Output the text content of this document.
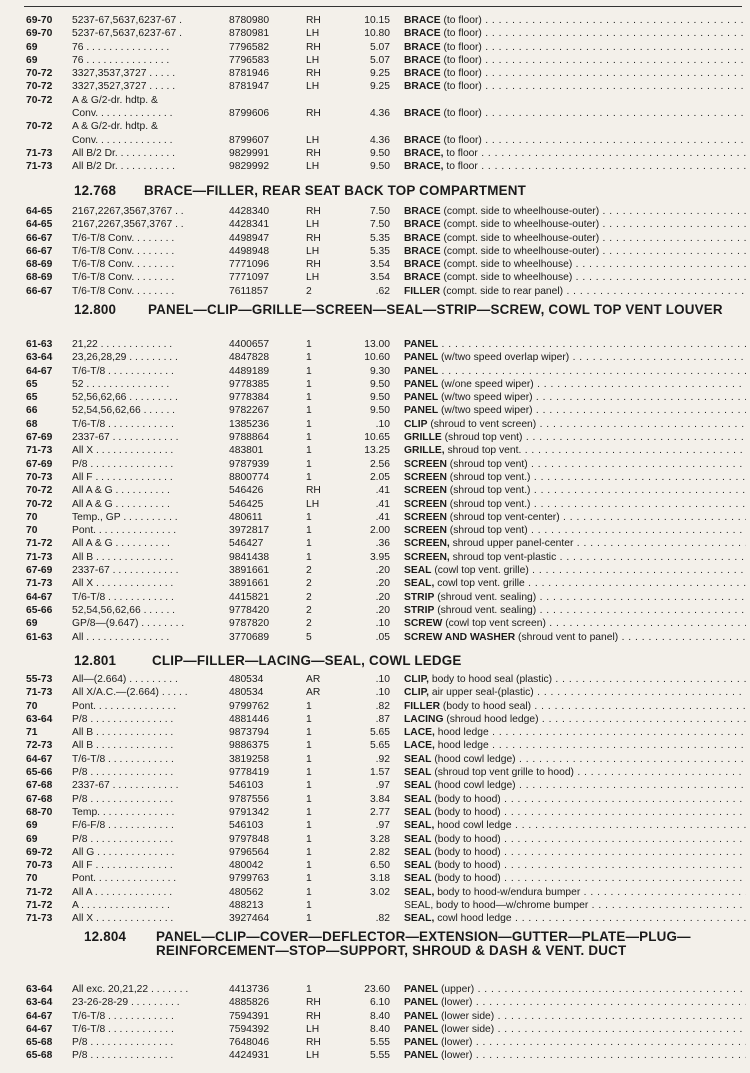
69-70 5237-67,5637,6237-67 .	8780980	RH	10.15 BRACE (to floor) . . .
69-70 5237-67,5637,6237-67 .	8780981	LH	10.80 BRACE (to floor) . . .
69	76 . . . . . . . . . . . . . . .	7796582	RH	5.07 BRACE (to floor) . . .
69	76 . . . . . . . . . . . . . . .	7796583	LH	5.07 BRACE (to floor) . . .
70-72 3327,3537,3727 . . . . .	8781946	RH	9.25 BRACE (to floor) . . .
70-72 3327,3527,3727 . . . . .	8781947	LH	9.25 BRACE (to floor) . . .
70-72 A & G/2-dr. hdtp. &
Conv. . . . . . . . . . . . . .	8799606	RH	4.36 BRACE (to floor) . . .
70-72 A & G/2-dr. hdtp. &
Conv. . . . . . . . . . . . . .	8799607	LH	4.36 BRACE (to floor) . . .
71-73 All B/2 Dr. . . . . . . . . . .	9829991	RH	9.50 BRACE, to floor . . .
71-73 All B/2 Dr. . . . . . . . . . .	9829992	LH	9.50 BRACE, to floor . . .
12.768 BRACE—FILLER, REAR SEAT BACK TOP COMPARTMENT
64-65 2167,2267,3567,3767 . .	4428340	RH	7.50 BRACE (compt. side to wheelhouse-outer) . . .
64-65 2167,2267,3567,3767 . .	4428341	LH	7.50 BRACE (compt. side to wheelhouse-outer) . . .
66-67 T/6-T/8 Conv. . . . . . . .	4498947	RH	5.35 BRACE (compt. side to wheelhouse-outer) . . .
66-67 T/6-T/8 Conv. . . . . . . .	4498948	LH	5.35 BRACE (compt. side to wheelhouse-outer) . . .
68-69 T/6-T/8 Conv. . . . . . . .	7771096	RH	3.54 BRACE (compt. side to wheelhouse) . . .
68-69 T/6-T/8 Conv. . . . . . . .	7771097	LH	3.54 BRACE (compt. side to wheelhouse) . . .
66-67 T/6-T/8 Conv. . . . . . . .	7611857	2	.62 FILLER (compt. side to rear panel) . . .
12.800 PANEL—CLIP—GRILLE—SCREEN—SEAL—STRIP—SCREW, COWL TOP VENT LOUVER
61-63 21,22 . . . . . . . . . . . . .	4400657	1	13.00 PANEL . . .
63-64 23,26,28,29 . . . . . . . . .	4847828	1	10.60 PANEL (w/two speed overlap wiper) . . .
64-67 T/6-T/8 . . . . . . . . . . . .	4489189	1	9.30 PANEL . . .
65	52 . . . . . . . . . . . . . . .	9778385	1	9.50 PANEL (w/one speed wiper) . . .
65	52,56,62,66 . . . . . . . . .	9778384	1	9.50 PANEL (w/two speed wiper) . . .
66	52,54,56,62,66 . . . . . .	9782267	1	9.50 PANEL (w/two speed wiper) . . .
68	T/6-T/8 . . . . . . . . . . . .	1385236	1	.10 CLIP (shroud to vent screen) . . .
67-69 2337-67 . . . . . . . . . . . .	9788864	1	10.65 GRILLE (shroud top vent) . . .
71-73 All X . . . . . . . . . . . . . .	483801	1	13.25 GRILLE, shroud top vent. . . .
67-69 P/8 . . . . . . . . . . . . . . .	9787939	1	2.56 SCREEN (shroud top vent) . . .
70-73 All F . . . . . . . . . . . . . .	8800774	1	2.05 SCREEN (shroud top vent.) . . .
70-72 All A & G . . . . . . . . . .	546426	RH	.41 SCREEN (shroud top vent.) . . .
70-72 All A & G . . . . . . . . . .	546425	LH	.41 SCREEN (shroud top vent.) . . .
70	Temp., GP . . . . . . . . . .	480611	1	.41 SCREEN (shroud top vent-center) . . .
70	Pont. . . . . . . . . . . . . . .	3972817	1	2.00 SCREEN (shroud top vent) . . .
71-72 All A & G . . . . . . . . . .	546427	1	.36 SCREEN, shroud upper panel-center . . .
71-73 All B . . . . . . . . . . . . . .	9841438	1	3.95 SCREEN, shroud top vent-plastic . . .
67-69 2337-67 . . . . . . . . . . . .	3891661	2	.20 SEAL (cowl top vent. grille) . . .
71-73 All X . . . . . . . . . . . . . .	3891661	2	.20 SEAL, cowl top vent. grille . . .
64-67 T/6-T/8 . . . . . . . . . . . .	4415821	2	.20 STRIP (shroud vent. sealing) . . .
65-66 52,54,56,62,66 . . . . . .	9778420	2	.20 STRIP (shroud vent. sealing) . . .
69	GP/8—(9.647) . . . . . . . .	9787820	2	.10 SCREW (cowl top vent screen) . . .
61-63 All . . . . . . . . . . . . . . .	3770689	5	.05 SCREW AND WASHER (shroud vent to panel) . . .
12.801	CLIP—FILLER—LACING—SEAL, COWL LEDGE
55-73 All—(2.664) . . . . . . . . .	480534	AR	.10 CLIP, body to hood seal (plastic) . . .
71-73 All X/A.C.—(2.664) . . . . .	480534	AR	.10 CLIP, air upper seal-(plastic) . . .
70	Pont. . . . . . . . . . . . . . .	9799762	1	.82 FILLER (body to hood seal) . . .
63-64 P/8 . . . . . . . . . . . . . . .	4881446	1	.87 LACING (shroud hood ledge) . . .
71	All B . . . . . . . . . . . . . .	9873794	1	5.65 LACE, hood ledge . . .
72-73 All B . . . . . . . . . . . . . .	9886375	1	5.65 LACE, hood ledge . . .
64-67 T/6-T/8 . . . . . . . . . . . .	3819258	1	.92 SEAL (hood cowl ledge) . . .
65-66 P/8 . . . . . . . . . . . . . . .	9778419	1	1.57 SEAL (shroud top vent grille to hood) . . .
67-68 2337-67 . . . . . . . . . . . .	546103	1	.97 SEAL (hood cowl ledge) . . .
67-68 P/8 . . . . . . . . . . . . . . .	9787556	1	3.84 SEAL (body to hood) . . .
68-70 Temp. . . . . . . . . . . . . .	9791342	1	2.77 SEAL (body to hood) . . .
69	F/6-F/8 . . . . . . . . . . . .	546103	1	.97 SEAL, hood cowl ledge . . .
69	P/8 . . . . . . . . . . . . . . .	9797848	1	3.28 SEAL (body to hood) . . .
69-72 All G . . . . . . . . . . . . . .	9796564	1	2.82 SEAL (body to hood) . . .
70-73 All F . . . . . . . . . . . . . .	480042	1	6.50 SEAL (body to hood) . . .
70	Pont. . . . . . . . . . . . . . .	9799763	1	3.18 SEAL (body to hood) . . .
71-72 All A . . . . . . . . . . . . . .	480562	1	3.02 SEAL, body to hood-w/endura bumper . . .
71-72 A . . . . . . . . . . . . . . . .	488213	1	SEAL, body to hood—w/chrome bumper . . .
71-73 All X . . . . . . . . . . . . . .	3927464	1	.82 SEAL, cowl hood ledge . . .
12.804 PANEL—CLIP—COVER—DEFLECTOR—EXTENSION—GUTTER—PLATE—PLUG—REINFORCEMENT—STOP—SUPPORT, SHROUD & DASH & VENT. DUCT
63-64 All exc. 20,21,22 . . . . . . .	4413736	1	23.60 PANEL (upper) . . .
63-64 23-26-28-29 . . . . . . . . .	4885826	RH	6.10 PANEL (lower) . . .
64-67 T/6-T/8 . . . . . . . . . . . .	7594391	RH	8.40 PANEL (lower side) . . .
64-67 T/6-T/8 . . . . . . . . . . . .	7594392	LH	8.40 PANEL (lower side) . . .
65-68 P/8 . . . . . . . . . . . . . . .	7648046	RH	5.55 PANEL (lower) . . .
65-68 P/8 . . . . . . . . . . . . . . .	4424931	LH	5.55 PANEL (lower) . . .
